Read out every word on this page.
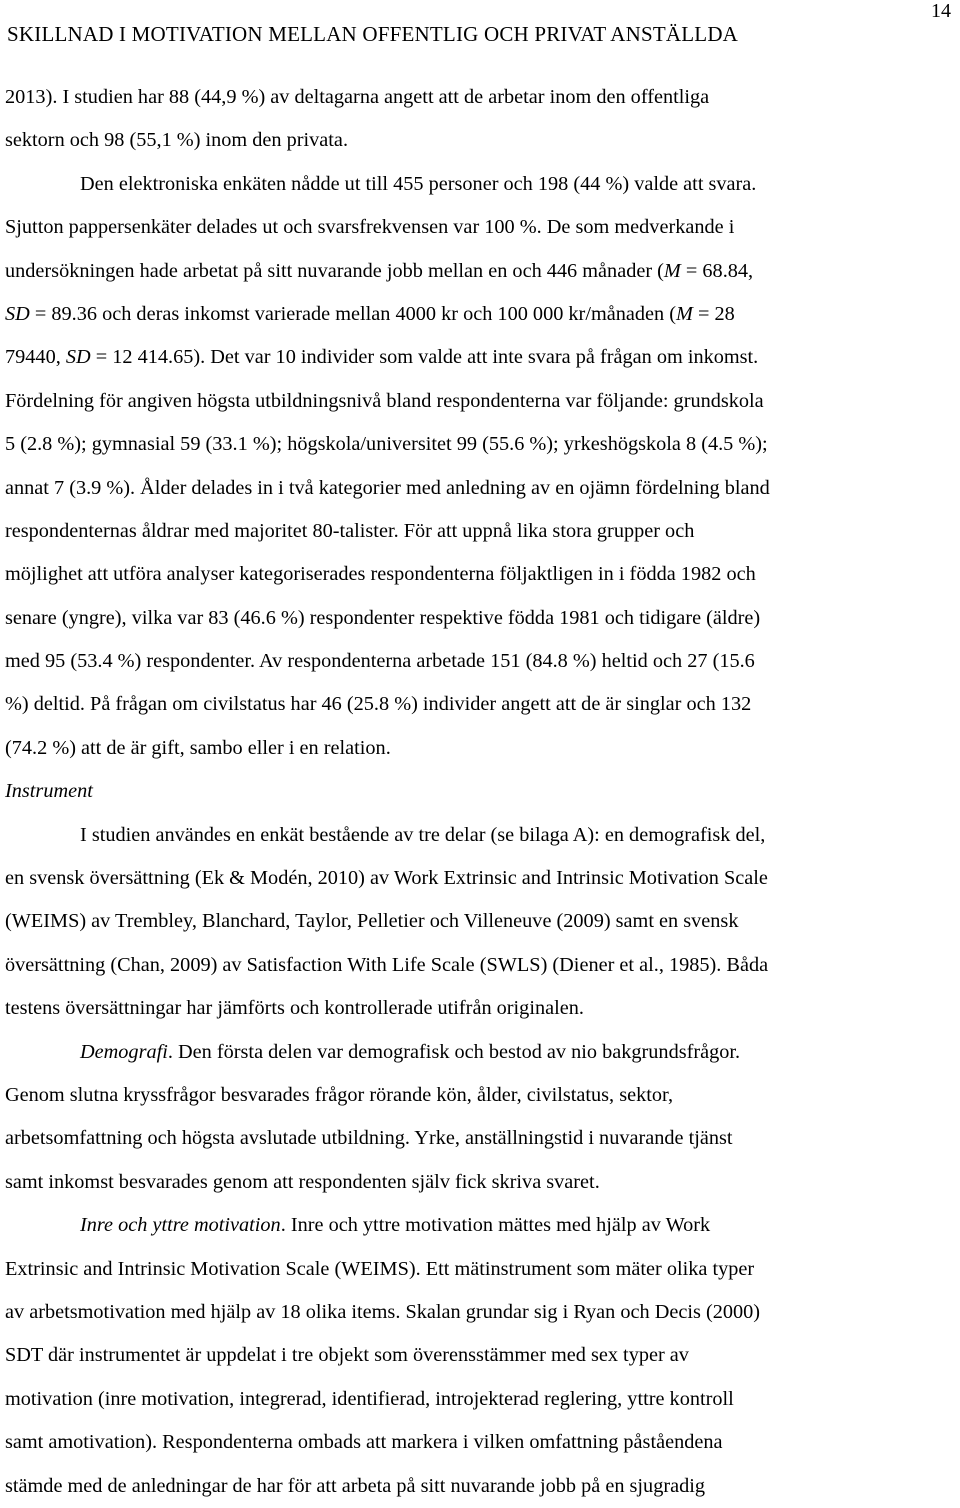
SKILLNAD I MOTIVATION MELLAN OFFENTLIG OCH PRIVAT ANSTÄLLDA
14
2013). I studien har 88 (44,9 %) av deltagarna angett att de arbetar inom den offentliga
sektorn och 98 (55,1 %) inom den privata.
Den elektroniska enkäten nådde ut till 455 personer och 198 (44 %) valde att svara.
Sjutton pappersenkäter delades ut och svarsfrekvensen var 100 %. De som medverkande i
undersökningen hade arbetat på sitt nuvarande jobb mellan en och 446 månader (M = 68.84,
SD = 89.36 och deras inkomst varierade mellan 4000 kr och 100 000 kr/månaden (M = 28
79440, SD = 12 414.65). Det var 10 individer som valde att inte svara på frågan om inkomst.
Fördelning för angiven högsta utbildningsnivå bland respondenterna var följande: grundskola
5 (2.8 %); gymnasial 59 (33.1 %); högskola/universitet 99 (55.6 %); yrkeshögskola 8 (4.5 %);
annat 7 (3.9 %). Ålder delades in i två kategorier med anledning av en ojämn fördelning bland
respondenternas åldrar med majoritet 80-talister. För att uppnå lika stora grupper och
möjlighet att utföra analyser kategoriserades respondenterna följaktligen in i födda 1982 och
senare (yngre), vilka var 83 (46.6 %) respondenter respektive födda 1981 och tidigare (äldre)
med 95 (53.4 %) respondenter. Av respondenterna arbetade 151 (84.8 %) heltid och 27 (15.6
%) deltid. På frågan om civilstatus har 46 (25.8 %) individer angett att de är singlar och 132
(74.2 %) att de är gift, sambo eller i en relation.
Instrument
I studien användes en enkät bestående av tre delar (se bilaga A): en demografisk del,
en svensk översättning (Ek & Modén, 2010) av Work Extrinsic and Intrinsic Motivation Scale
(WEIMS) av Trembley, Blanchard, Taylor, Pelletier och Villeneuve (2009) samt en svensk
översättning (Chan, 2009) av Satisfaction With Life Scale (SWLS) (Diener et al., 1985). Båda
testens översättningar har jämförts och kontrollerade utifrån originalen.
Demografi. Den första delen var demografisk och bestod av nio bakgrundsfrågor.
Genom slutna kryssfrågor besvarades frågor rörande kön, ålder, civilstatus, sektor,
arbetsomfattning och högsta avslutade utbildning. Yrke, anställningstid i nuvarande tjänst
samt inkomst besvarades genom att respondenten själv fick skriva svaret.
Inre och yttre motivation. Inre och yttre motivation mättes med hjälp av Work
Extrinsic and Intrinsic Motivation Scale (WEIMS). Ett mätinstrument som mäter olika typer
av arbetsmotivation med hjälp av 18 olika items. Skalan grundar sig i Ryan och Decis (2000)
SDT där instrumentet är uppdelat i tre objekt som överensstämmer med sex typer av
motivation (inre motivation, integrerad, identifierad, introjekterad reglering, yttre kontroll
samt amotivation). Respondenterna ombads att markera i vilken omfattning påståendena
stämde med de anledningar de har för att arbeta på sitt nuvarande jobb på en sjugradig
